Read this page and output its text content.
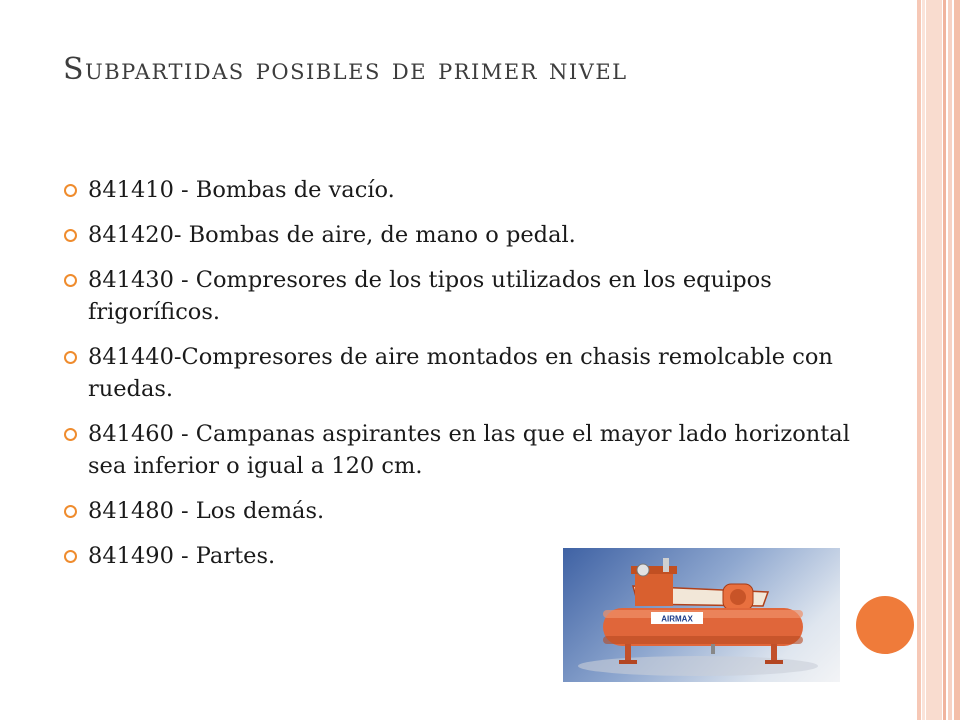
Subpartidas posibles de primer nivel
841410 - Bombas de vacío.
841420- Bombas de aire, de mano o pedal.
841430 - Compresores de los tipos utilizados en los equipos frigoríficos.
841440-Compresores de aire montados en chasis remolcable con ruedas.
841460 - Campanas aspirantes en las que el mayor lado horizontal sea inferior o igual a 120 cm.
841480 - Los demás.
841490 - Partes.
AIRMAX
